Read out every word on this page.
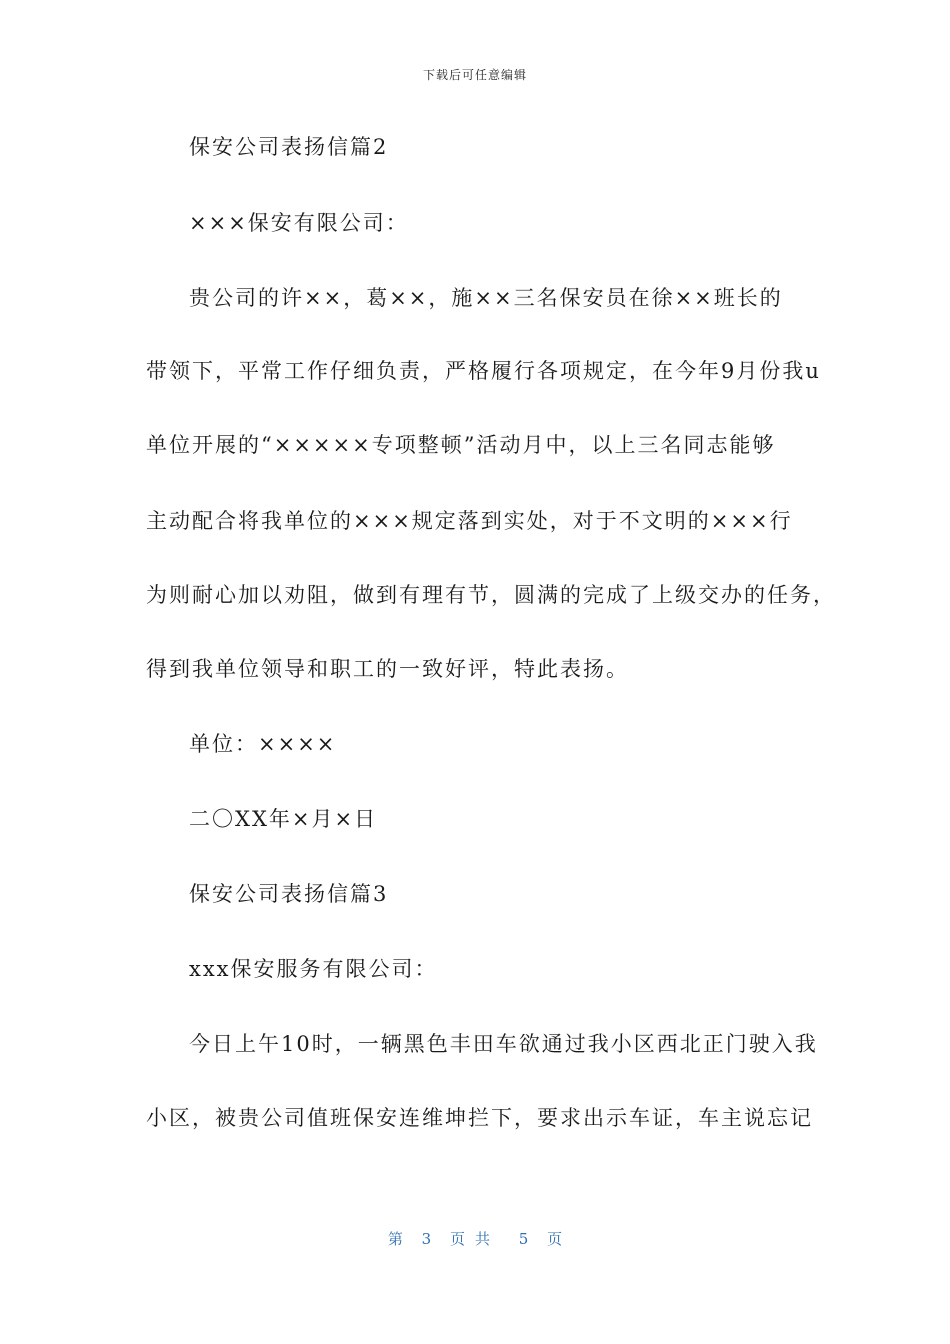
下载后可任意编辑
保安公司表扬信篇2
×××保安有限公司：
贵公司的许××，葛××，施××三名保安员在徐××班长的
带领下，平常工作仔细负责，严格履行各项规定，在今年9月份我u
单位开展的“×××××专项整顿”活动月中，以上三名同志能够
主动配合将我单位的×××规定落到实处，对于不文明的×××行
为则耐心加以劝阻，做到有理有节，圆满的完成了上级交办的任务，
得到我单位领导和职工的一致好评，特此表扬。
单位：××××
二〇XX年×月×日
保安公司表扬信篇3
xxx保安服务有限公司：
今日上午10时，一辆黑色丰田车欲通过我小区西北正门驶入我
小区，被贵公司值班保安连维坤拦下，要求出示车证，车主说忘记
第 3 页共 5 页
